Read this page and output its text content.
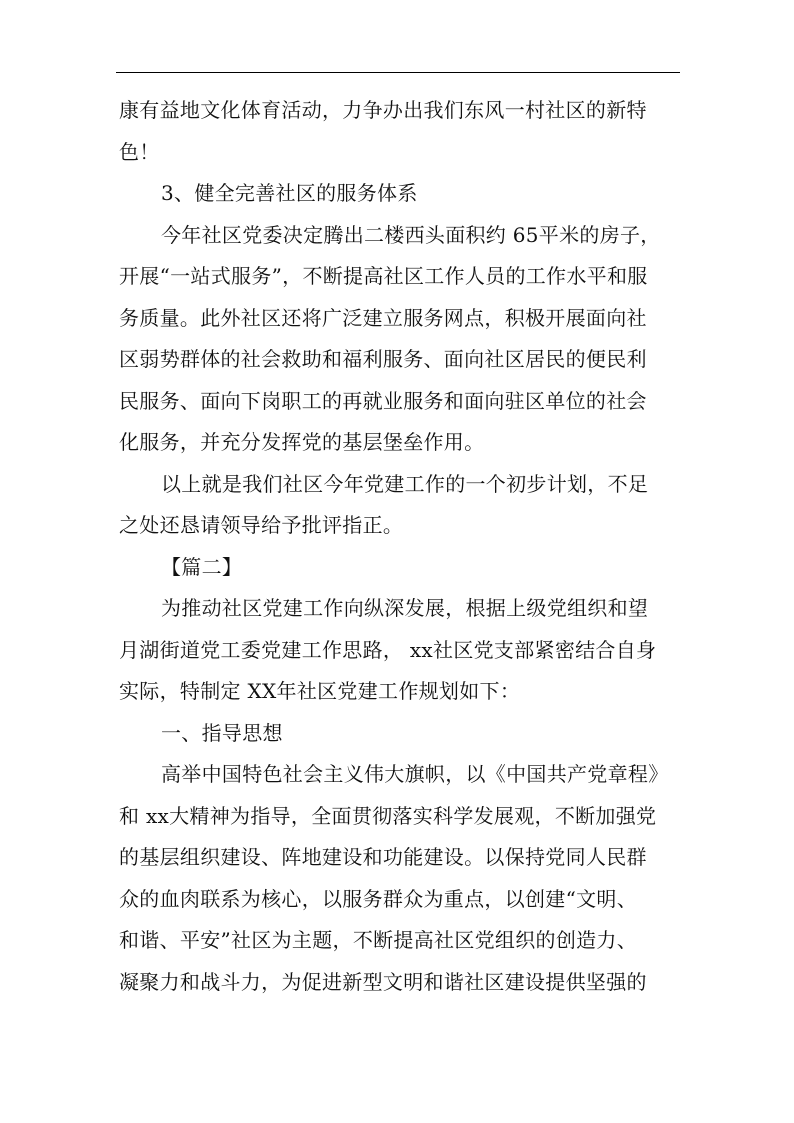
康有益地文化体育活动，力争办出我们东风一村社区的新特
色！
3、健全完善社区的服务体系
今年社区党委决定腾出二楼西头面积约 65平米的房子，
开展“一站式服务”，不断提高社区工作人员的工作水平和服
务质量。此外社区还将广泛建立服务网点，积极开展面向社
区弱势群体的社会救助和福利服务、面向社区居民的便民利
民服务、面向下岗职工的再就业服务和面向驻区单位的社会
化服务，并充分发挥党的基层堡垒作用。
以上就是我们社区今年党建工作的一个初步计划，不足
之处还恳请领导给予批评指正。
【篇二】
为推动社区党建工作向纵深发展，根据上级党组织和望
月湖街道党工委党建工作思路， xx社区党支部紧密结合自身
实际，特制定 XX年社区党建工作规划如下：
一、指导思想
高举中国特色社会主义伟大旗帜，以《中国共产党章程》
和 xx大精神为指导，全面贯彻落实科学发展观，不断加强党
的基层组织建设、阵地建设和功能建设。以保持党同人民群
众的血肉联系为核心，以服务群众为重点，以创建“文明、
和谐、平安”社区为主题，不断提高社区党组织的创造力、
凝聚力和战斗力，为促进新型文明和谐社区建设提供坚强的
